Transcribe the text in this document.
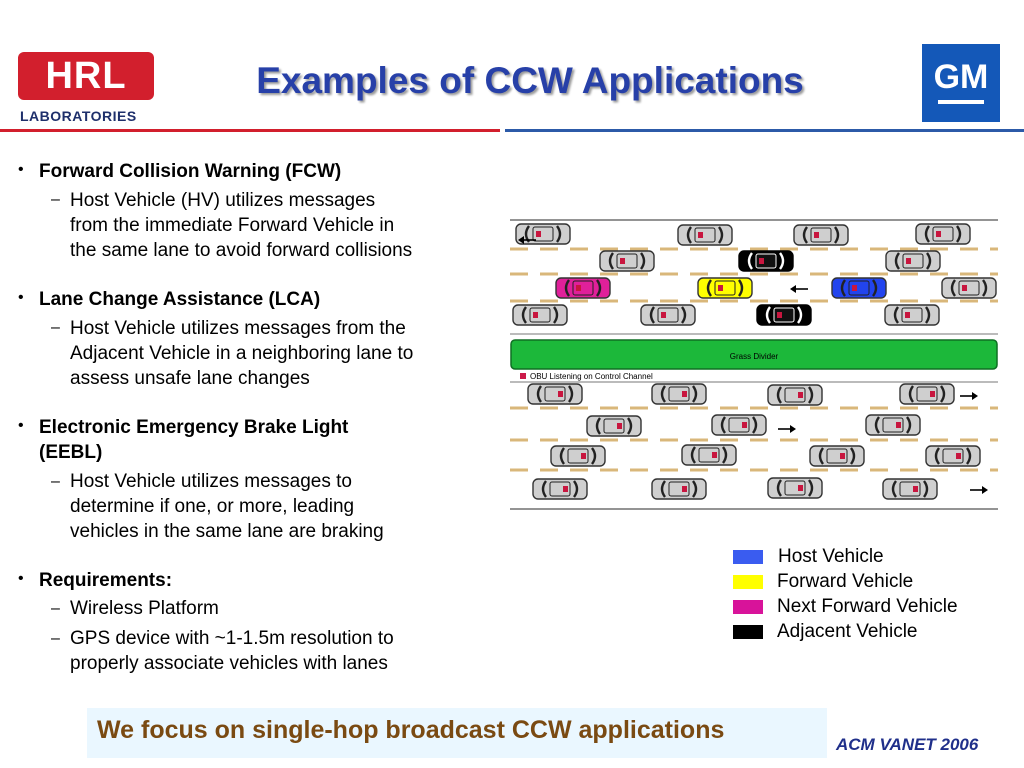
HRL
LABORATORIES
GM
Examples of CCW Applications
• Forward Collision Warning (FCW)
– Host Vehicle (HV) utilizes messages
from the immediate Forward Vehicle in
the same lane to avoid forward collisions
• Lane Change Assistance (LCA)
– Host Vehicle utilizes messages from the
Adjacent Vehicle in a neighboring lane to
assess unsafe lane changes
• Electronic Emergency Brake Light
(EEBL)
– Host Vehicle utilizes messages to
determine if one, or more, leading
vehicles in the same lane are braking
• Requirements:
– Wireless Platform
– GPS device with ~1-1.5m resolution to
properly associate vehicles with lanes
Grass Divider
OBU Listening on Control Channel
Host Vehicle
Forward Vehicle
Next Forward Vehicle
Adjacent Vehicle
We focus on single-hop broadcast CCW applications
ACM VANET 2006
